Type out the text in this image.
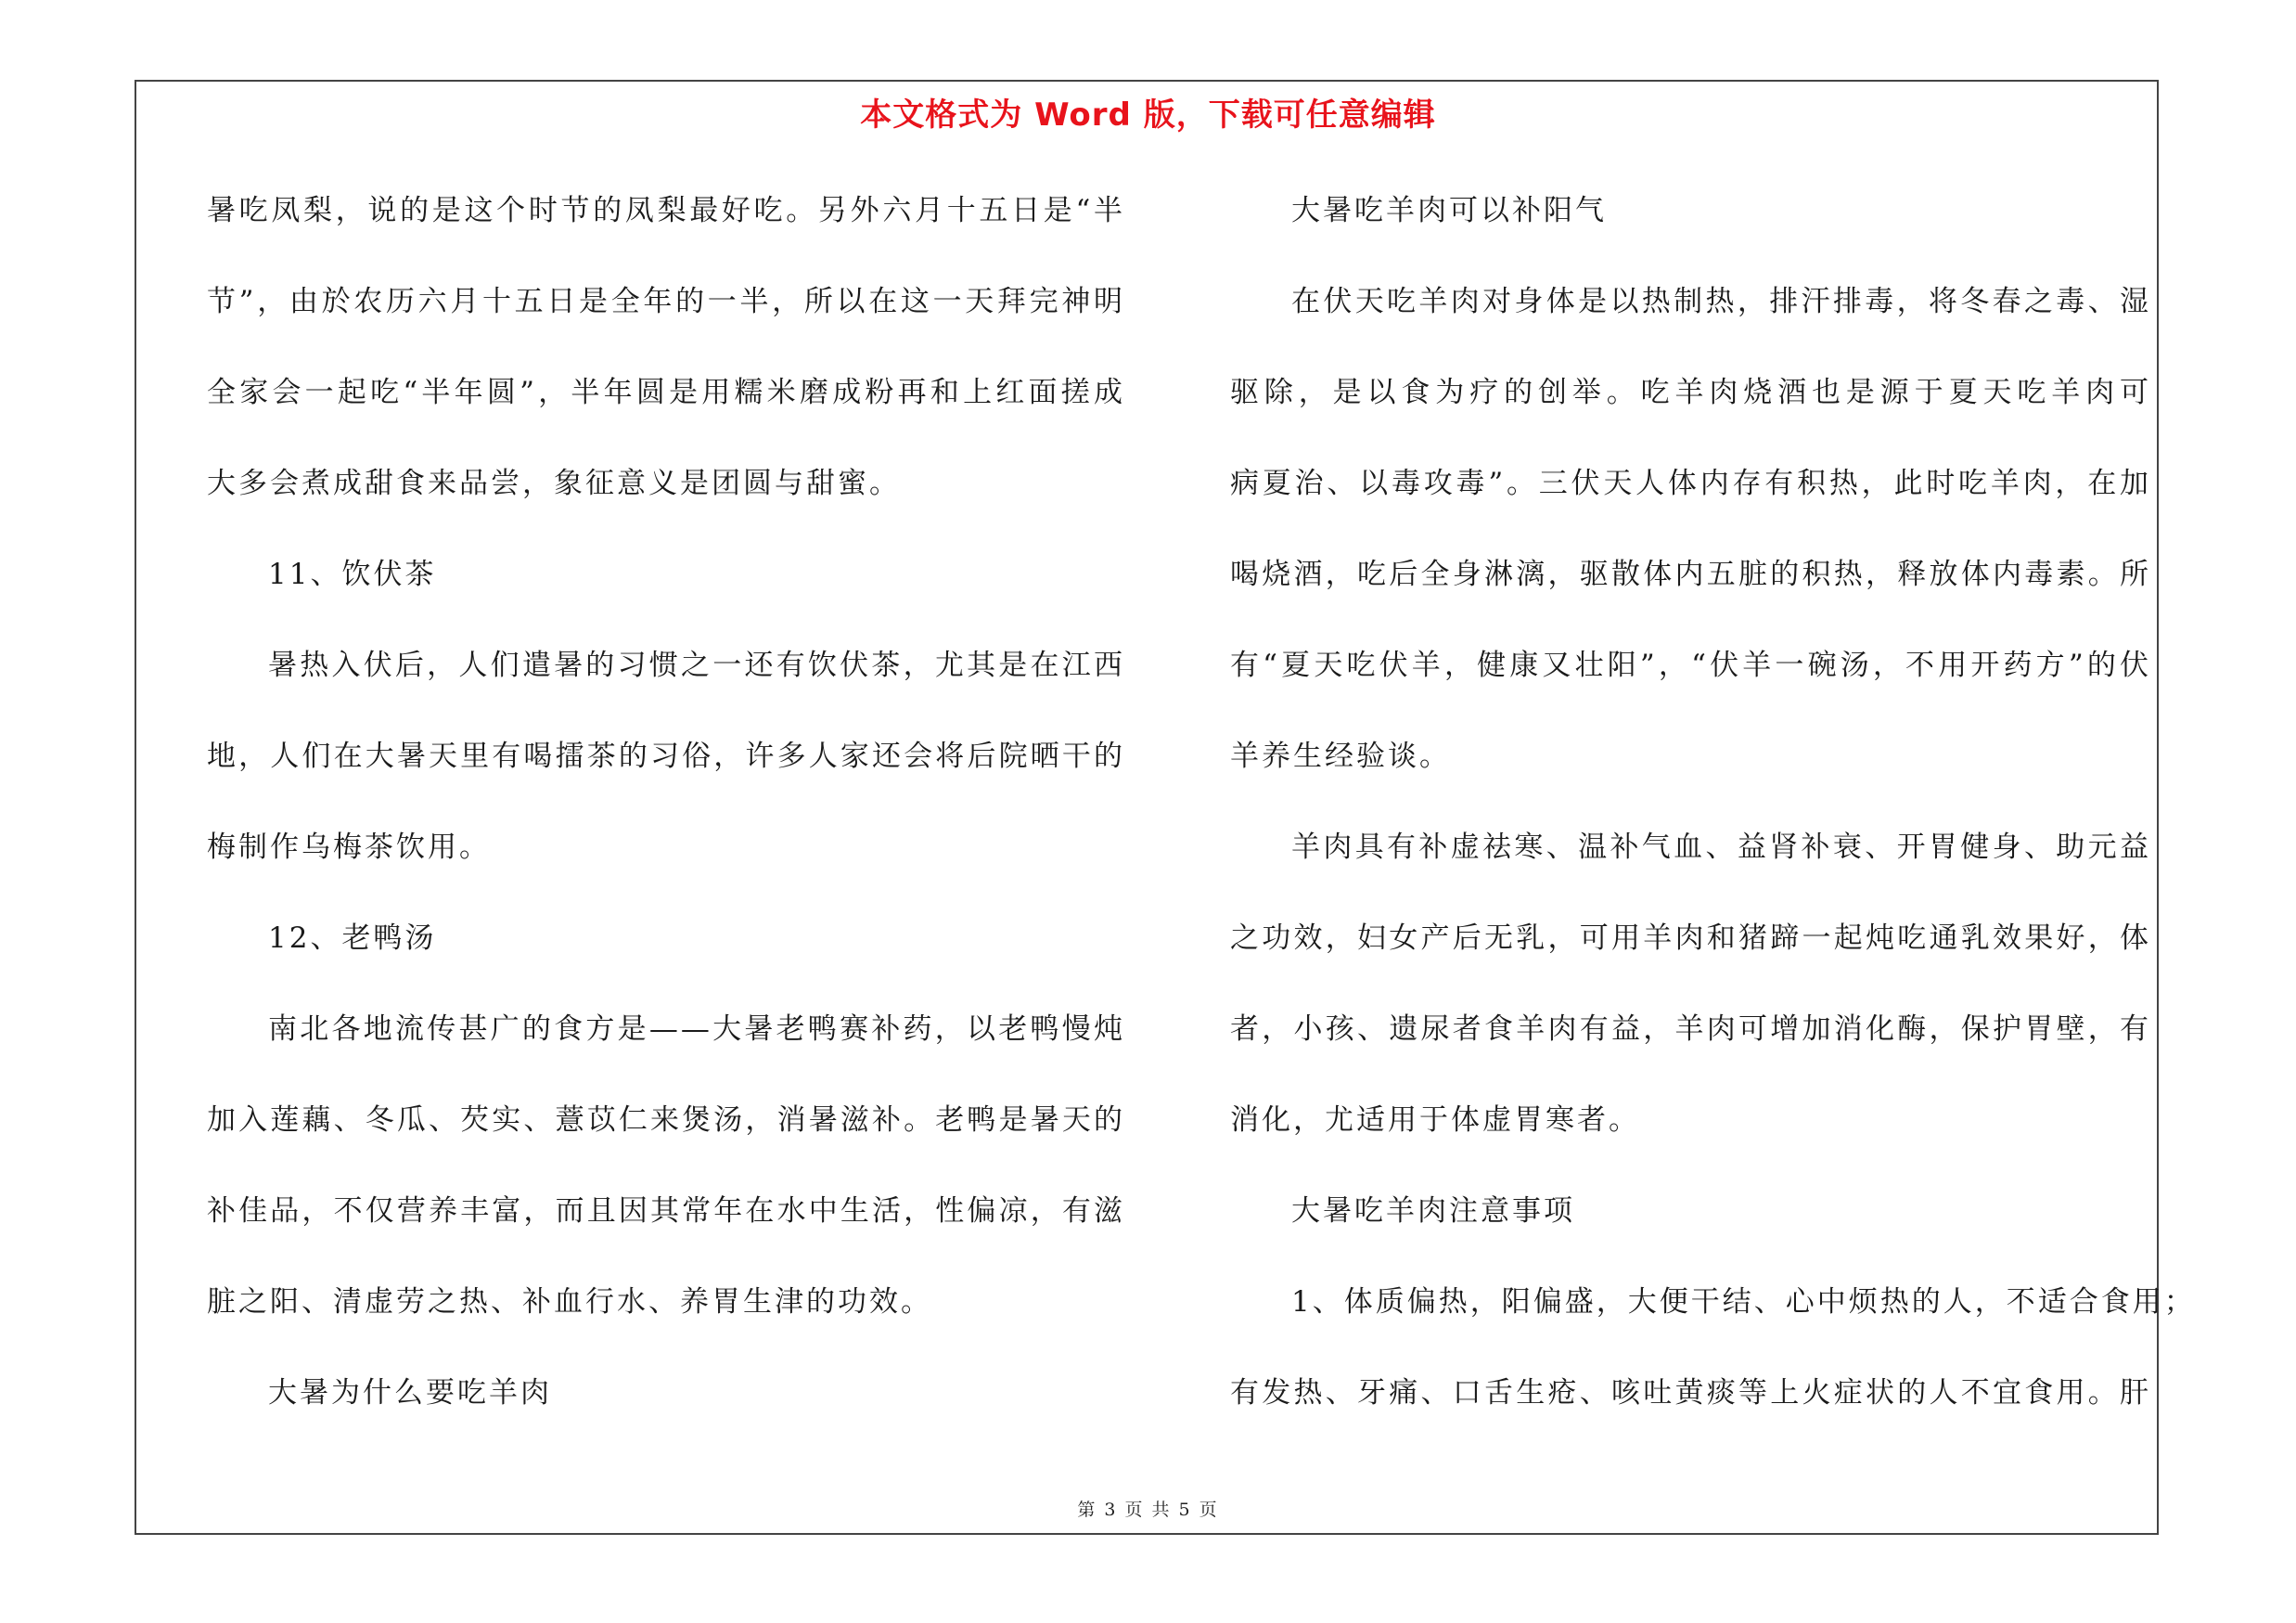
本文格式为 Word 版，下载可任意编辑
暑吃凤梨，说的是这个时节的凤梨最好吃。另外六月十五日是“半
节”，由於农历六月十五日是全年的一半，所以在这一天拜完神明
全家会一起吃“半年圆”，半年圆是用糯米磨成粉再和上红面搓成
大多会煮成甜食来品尝，象征意义是团圆与甜蜜。
11、饮伏茶
暑热入伏后，人们遣暑的习惯之一还有饮伏茶，尤其是在江西
地，人们在大暑天里有喝擂茶的习俗，许多人家还会将后院晒干的
梅制作乌梅茶饮用。
12、老鸭汤
南北各地流传甚广的食方是——大暑老鸭赛补药，以老鸭慢炖
加入莲藕、冬瓜、芡实、薏苡仁来煲汤，消暑滋补。老鸭是暑天的
补佳品，不仅营养丰富，而且因其常年在水中生活，性偏凉，有滋
脏之阳、清虚劳之热、补血行水、养胃生津的功效。
大暑为什么要吃羊肉
大暑吃羊肉可以补阳气
在伏天吃羊肉对身体是以热制热，排汗排毒，将冬春之毒、湿
驱除，是以食为疗的创举。吃羊肉烧酒也是源于夏天吃羊肉可
病夏治、以毒攻毒”。三伏天人体内存有积热，此时吃羊肉，在加
喝烧酒，吃后全身淋漓，驱散体内五脏的积热，释放体内毒素。所
有“夏天吃伏羊，健康又壮阳”，“伏羊一碗汤，不用开药方”的伏
羊养生经验谈。
羊肉具有补虚祛寒、温补气血、益肾补衰、开胃健身、助元益
之功效，妇女产后无乳，可用羊肉和猪蹄一起炖吃通乳效果好，体
者，小孩、遗尿者食羊肉有益，羊肉可增加消化酶，保护胃壁，有
消化，尤适用于体虚胃寒者。
大暑吃羊肉注意事项
1、体质偏热，阳偏盛，大便干结、心中烦热的人，不适合食用；
有发热、牙痛、口舌生疮、咳吐黄痰等上火症状的人不宜食用。肝
第 3 页 共 5 页
